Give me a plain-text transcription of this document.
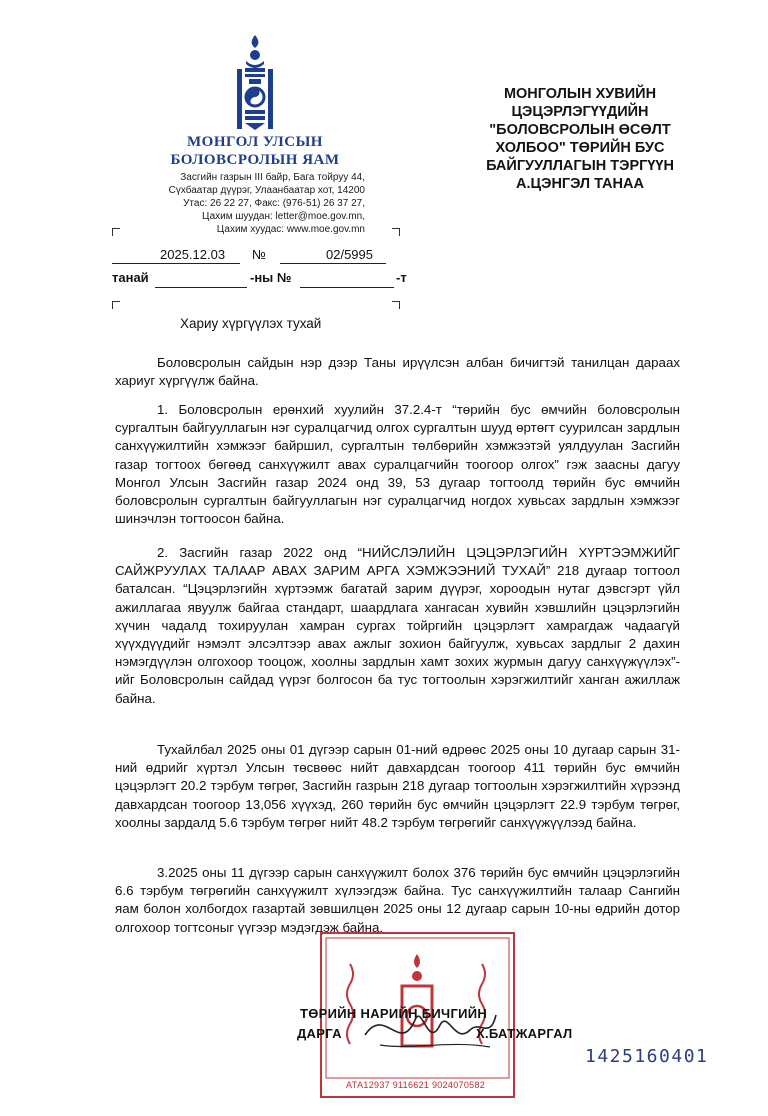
МОНГОЛ УЛСЫН
БОЛОВСРОЛЫН ЯАМ
Засгийн газрын III байр, Бага тойруу 44,
Сүхбаатар дүүрэг, Улаанбаатар хот, 14200
Утас: 26 22 27, Факс: (976-51) 26 37 27,
Цахим шуудан: letter@moe.gov.mn,
Цахим хуудас: www.moe.gov.mn
МОНГОЛЫН ХУВИЙН
ЦЭЦЭРЛЭГҮҮДИЙН
"БОЛОВСРОЛЫН ӨСӨЛТ
ХОЛБОО" ТӨРИЙН БУС
БАЙГУУЛЛАГЫН ТЭРГҮҮН
А.ЦЭНГЭЛ ТАНАА
2025.12.03 №	02/5995
танай	-ны №	-т
Хариу хүргүүлэх тухай
Боловсролын сайдын нэр дээр Таны ирүүлсэн албан бичигтэй танилцан дараах хариуг хүргүүлж байна.
1. Боловсролын ерөнхий хуулийн 37.2.4-т “төрийн бус өмчийн боловсролын сургалтын байгууллагын нэг суралцагчид олгох сургалтын шууд өртөгт суурилсан зардлын санхүүжилтийн хэмжээг байршил, сургалтын төлбөрийн хэмжээтэй уялдуулан Засгийн газар тогтоох бөгөөд санхүүжилт авах суралцагчийн тоогоор олгох” гэж заасны дагуу Монгол Улсын Засгийн газар 2024 онд 39, 53 дугаар тогтоолд төрийн бус өмчийн боловсролын сургалтын байгууллагын нэг суралцагчид ногдох хувьсах зардлын хэмжээг шинэчлэн тогтоосон байна.
2. Засгийн газар 2022 онд “НИЙСЛЭЛИЙН ЦЭЦЭРЛЭГИЙН ХҮРТЭЭМЖИЙГ САЙЖРУУЛАХ ТАЛААР АВАХ ЗАРИМ АРГА ХЭМЖЭЭНИЙ ТУХАЙ” 218 дугаар тогтоол баталсан. “Цэцэрлэгийн хүртээмж багатай зарим дүүрэг, хороодын нутаг дэвсгэрт үйл ажиллагаа явуулж байгаа стандарт, шаардлага хангасан хувийн хэвшлийн цэцэрлэгийн хүчин чадалд тохируулан хамран сургах тойргийн цэцэрлэгт хамрагдаж чадаагүй хүүхдүүдийг нэмэлт элсэлтээр авах ажлыг зохион байгуулж, хувьсах зардлыг 2 дахин нэмэгдүүлэн олгохоор тооцож, хоолны зардлын хамт зохих журмын дагуу санхүүжүүлэх”-ийг Боловсролын сайдад үүрэг болгосон ба тус тогтоолын хэрэгжилтийг ханган ажиллаж байна.
Тухайлбал 2025 оны 01 дүгээр сарын 01-ний өдрөөс 2025 оны 10 дугаар сарын 31-ний өдрийг хүртэл Улсын төсвөөс нийт давхардсан тоогоор 411 төрийн бус өмчийн цэцэрлэгт 20.2 тэрбум төгрөг, Засгийн газрын 218 дугаар тогтоолын хэрэгжилтийн хүрээнд давхардсан тоогоор 13,056 хүүхэд, 260 төрийн бус өмчийн цэцэрлэгт 22.9 тэрбум төгрөг, хоолны зардалд 5.6 тэрбум төгрөг нийт 48.2 тэрбум төгрөгийг санхүүжүүлээд байна.
3.2025 оны 11 дүгээр сарын санхүүжилт болох 376 төрийн бус өмчийн цэцэрлэгийн 6.6 тэрбум төгрөгийн санхүүжилт хүлээгдэж байна. Тус санхүүжилтийн талаар Сангийн яам болон холбогдох газартай зөвшилцөн 2025 оны 12 дугаар сарын 10-ны өдрийн дотор олгохоор тогтсоныг үүгээр мэдэгдэж байна.
АТА12937 9116621 9024070582
ТӨРИЙН НАРИЙН БИЧГИЙН
ДАРГА	Х.БАТЖАРГАЛ
1425160401
